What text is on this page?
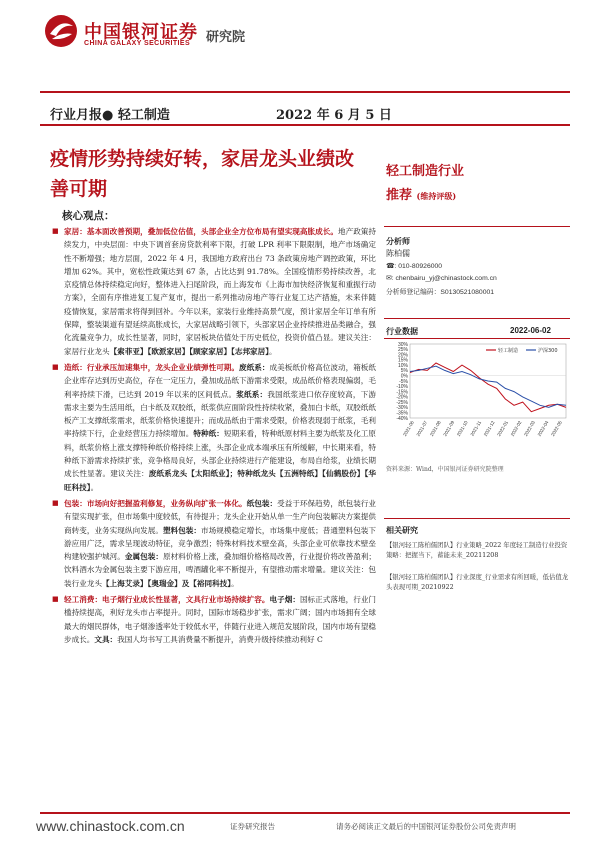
中国银河证券
CHINA GALAXY SECURITIES 研究院
行业月报● 轻工制造	2022 年 6 月 5 日
疫情形势持续好转，家居龙头业绩改善可期
核心观点：

■ 家居：基本面改善预期，叠加低位估值，头部企业全方位布局有望实现高胀成长。地产政策持续发力，中央层面：中央下调首套房贷款利率下限，打破 LPR 利率下限限制，地产市场确定性不断增强；地方层面，2022 年 4 月，我国地方政府出台 73 条政策房地产调控政策，环比增加 62%。其中，宽松性政策达到 67 条，占比达到 91.78%。全国疫情形势持续改善，北京疫情总体持续稳定向好，整体进入扫尾阶段，而上海发布《上海市加快经济恢复和重振行动方案》，全面有序推进复工复产复市，提出一系列推动房地产等行业复工达产措施，未来伴随疫情恢复，家居需求将得到回补。今年以来，家装行业维持高景气度，预计家居全年订单有所保障，整装渠道有望延续高胀成长，大家居战略引领下，头部家居企业持续推进品类融合，强化流量竞争力，成长性显著，同时，家居板块估值处于历史低位，投资价值凸显。建议关注：家居行业龙头【索菲亚】【欧派家居】【顾家家居】【志邦家居】。

■ 造纸：行业承压加速集中，龙头企业业绩弹性可期。废纸系：成美板纸价格高位波动，箱板纸企业库存达到历史高位，存在一定压力，叠加成品纸下游需求受限，成品纸价格表现偏弱，毛利率持续下滑，已达到 2019 年以来的区间低点。浆纸系：我国纸浆进口依存度较高，下游需求主要为生活用纸，白卡纸及双胶纸，纸浆供应面阶段性持续收紧，叠加白卡纸，双胶纸纸板产工支撑纸浆需求，纸浆价格快速提升；而成品纸由于需求受限，价格表现弱于纸浆，毛利率持续下行，企业经营压力持续增加。特种纸：短期来看，特种纸原材料主要为纸浆及化工原料，纸浆价格上涨支撑特种纸价格持续上涨，头部企业成本端承压有所缓解，中长期来看，特种纸下游需求持续扩张，竞争格局良好，头部企业持续进行产能建设，布局自给浆，业绩长期成长性显著。建议关注：废纸系龙头【太阳纸业】；特种纸龙头【五洲特纸】【仙鹤股份】【华旺科技】。

■ 包装：市场向好把握盈利修复，业务纵向扩张一体化。纸包装：受益于环保趋势，纸包装行业有望实现扩张，但市场集中度较低，有待提升；龙头企业开始从单一生产向包装解决方案提供商转变，业务实现纵向发展。塑料包装：市场规模稳定增长，市场集中度低；普通塑料包装下游应用广泛，需求呈现波动特征，竞争激烈；特殊材料技术壁垒高，头部企业可依靠技术壁垒构建较强护城河。金属包装：原材料价格上涨，叠加细价格格局改善，行业提价将改善盈利；饮料酒水为金属包装主要下游应用，啤酒罐化率不断提升，有望推动需求增量。建议关注：包装行业龙头【上海艾录】【奥瑞金】及【裕同科技】。

■ 轻工消费：电子烟行业成长性显著，文具行业市场持续扩容。电子烟：国标正式落地，行业门槛持续提高，利好龙头市占率提升。同时，国际市场稳步扩张，需求广阔；国内市场拥有全球最大的烟民群体，电子烟渗透率处于较低水平，伴随行业进入规范发展阶段，国内市场有望稳步成长。文具：我国人均书写工具消费量不断提升，消费升级持续推动利好 C

轻工制造行业
推荐 (维持评级)
分析师
陈柏儒
☎: 010-80926000
✉: chenbairu_yj@chinastock.com.cn
分析师登记编码：S0130521080001
行业数据	2022-06-02
30%
25%
20%
15%
10%
5%
0%
-5%
-10%
-15%
-20%
-25%
-30%
-35%
-40%
2021-06 2021-07 2021-08 2021-09 2021-10 2021-11 2021-12 2022-01 2022-02 2022-03 2022-04 2022-05
轻工制造	沪深300
资料来源：Wind，中国银河证券研究院整理
相关研究
【银河轻工陈柏儒团队】行业策略_2022 年度轻工制造行业投资策略：把握当下，蓄能未来_20211208
【银河轻工陈柏儒团队】行业深度_行业需求有所回暖，低估值龙头表现可期_20210922
www.chinastock.com.cn	证券研究报告	请务必阅读正文最后的中国银河证券股份公司免责声明
